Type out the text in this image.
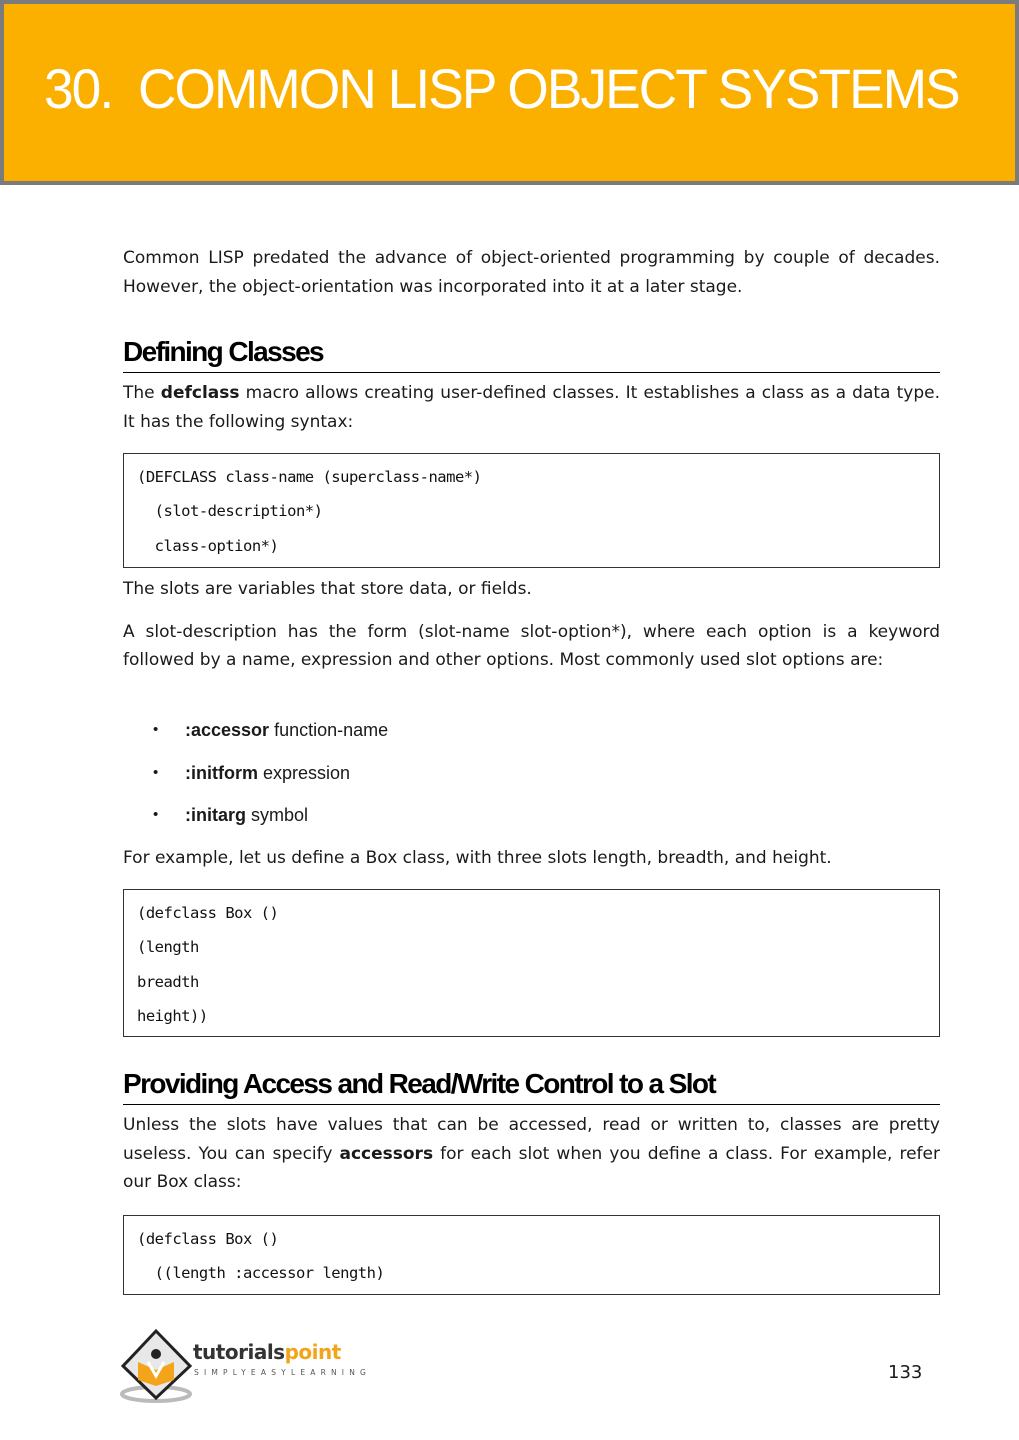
30.  COMMON LISP OBJECT SYSTEMS

Common LISP predated the advance of object-oriented programming by couple of decades. However, the object-orientation was incorporated into it at a later stage.

Defining Classes

The defclass macro allows creating user-defined classes. It establishes a class as a data type. It has the following syntax:

(DEFCLASS class-name (superclass-name*)
(slot-description*)
class-option*)

The slots are variables that store data, or fields.

A slot-description has the form (slot-name slot-option*), where each option is a keyword followed by a name, expression and other options. Most commonly used slot options are:

• :accessor function-name
• :initform expression
• :initarg symbol

For example, let us define a Box class, with three slots length, breadth, and height.

(defclass Box ()
(length
breadth
height))
Providing Access and Read/Write Control to a Slot

Unless the slots have values that can be accessed, read or written to, classes are pretty useless. You can specify accessors for each slot when you define a class. For example, refer our Box class:

(defclass Box ()
((length :accessor length)
tutorialspoint
SIMPLYEASYLEARNING	133
